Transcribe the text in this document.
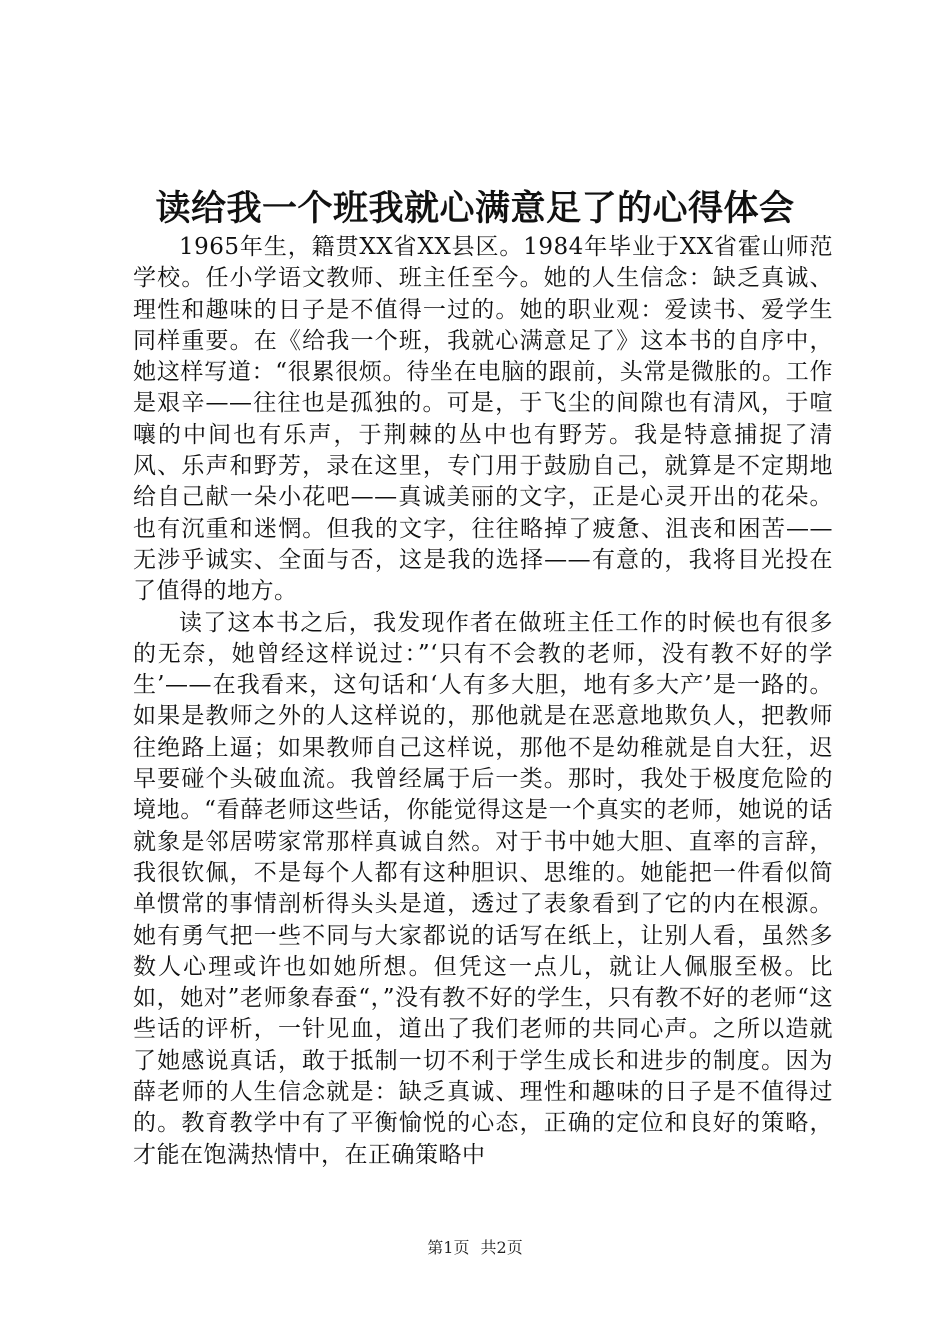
读给我一个班我就心满意足了的心得体会

1965年生，籍贯XX省XX县区。1984年毕业于XX省霍山师范学校。任小学语文教师、班主任至今。她的人生信念：缺乏真诚、理性和趣味的日子是不值得一过的。她的职业观：爱读书、爱学生同样重要。在《给我一个班，我就心满意足了》这本书的自序中，她这样写道：“很累很烦。待坐在电脑的跟前，头常是微胀的。工作是艰辛——往往也是孤独的。可是，于飞尘的间隙也有清风，于喧嚷的中间也有乐声，于荆棘的丛中也有野芳。我是特意捕捉了清风、乐声和野芳，录在这里，专门用于鼓励自己，就算是不定期地给自己献一朵小花吧——真诚美丽的文字，正是心灵开出的花朵。也有沉重和迷惘。但我的文字，往往略掉了疲惫、沮丧和困苦——无涉乎诚实、全面与否，这是我的选择——有意的，我将目光投在了值得的地方。

读了这本书之后，我发现作者在做班主任工作的时候也有很多的无奈，她曾经这样说过：”‘只有不会教的老师，没有教不好的学生’——在我看来，这句话和‘人有多大胆，地有多大产’是一路的。如果是教师之外的人这样说的，那他就是在恶意地欺负人，把教师往绝路上逼；如果教师自己这样说，那他不是幼稚就是自大狂，迟早要碰个头破血流。我曾经属于后一类。那时，我处于极度危险的境地。“看薛老师这些话，你能觉得这是一个真实的老师，她说的话就象是邻居唠家常那样真诚自然。对于书中她大胆、直率的言辞，我很钦佩，不是每个人都有这种胆识、思维的。她能把一件看似简单惯常的事情剖析得头头是道，透过了表象看到了它的内在根源。她有勇气把一些不同与大家都说的话写在纸上，让别人看，虽然多数人心理或许也如她所想。但凭这一点儿，就让人佩服至极。比如，她对”老师象春蚕“，”没有教不好的学生，只有教不好的老师“这些话的评析，一针见血，道出了我们老师的共同心声。之所以造就了她感说真话，敢于抵制一切不利于学生成长和进步的制度。因为薛老师的人生信念就是：缺乏真诚、理性和趣味的日子是不值得过的。教育教学中有了平衡愉悦的心态，正确的定位和良好的策略，才能在饱满热情中，在正确策略中

第1页 共2页
